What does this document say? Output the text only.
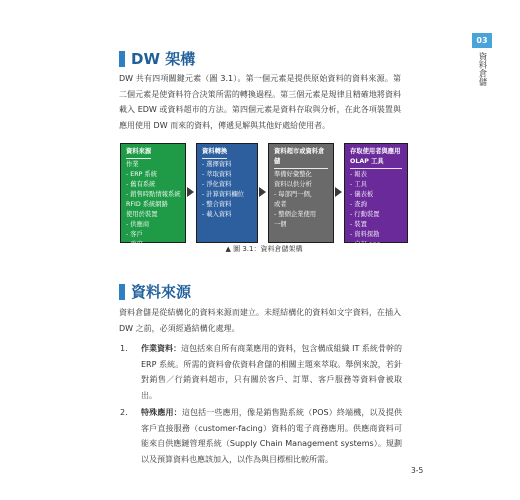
03
資料倉儲
DW 架構

DW 共有四項關鍵元素（圖 3.1）。第一個元素是提供原始資料的資料來源。第二個元素是使資料符合決策所需的轉換過程。第三個元素是規律且精確地將資料載入 EDW 或資料超市的方法。第四個元素是資料存取與分析，在此各項裝置與應用使用 DW 而來的資料，傳遞見解與其他好處給使用者。

資料來源
作業
- ERP 系統
- 舊有系統
- 銷售時點情報系統
RFID 系統網路
使用於裝置
- 供應商
- 客戶
- 政府
資料轉換
- 選擇資料
- 萃取資料
- 淨化資料
- 計算資料欄位
- 整合資料
- 載入資料
資料超市或資料倉儲
準備好彙整化
資料以供分析
- 每部門一個，
或者
- 整個企業使用
一個
存取使用者與應用 OLAP 工具
- 報表
- 工具
- 儀表板
- 查詢
- 行動裝置
- 裝置
- 資料探勘
- 自訂 app
▲ 圖 3.1：資料倉儲架構
資料來源

資料倉儲是從結構化的資料來源而建立。未經結構化的資料如文字資料，在插入 DW 之前，必須經過結構化處理。

1. 作業資料：這包括來自所有商業應用的資料，包含構成組織 IT 系統骨幹的 ERP 系統。所需的資料會依資料倉儲的相關主題來萃取。舉例來說，若針對銷售／行銷資料超市，只有關於客戶、訂單、客戶服務等資料會被取出。
2. 特殊應用：這包括一些應用，像是銷售點系統（POS）終端機，以及提供客戶直接服務（customer-facing）資料的電子商務應用。供應商資料可能來自供應鏈管理系統（Supply Chain Management systems）。規劃以及預算資料也應該加入，以作為與目標相比較所需。
3-5
